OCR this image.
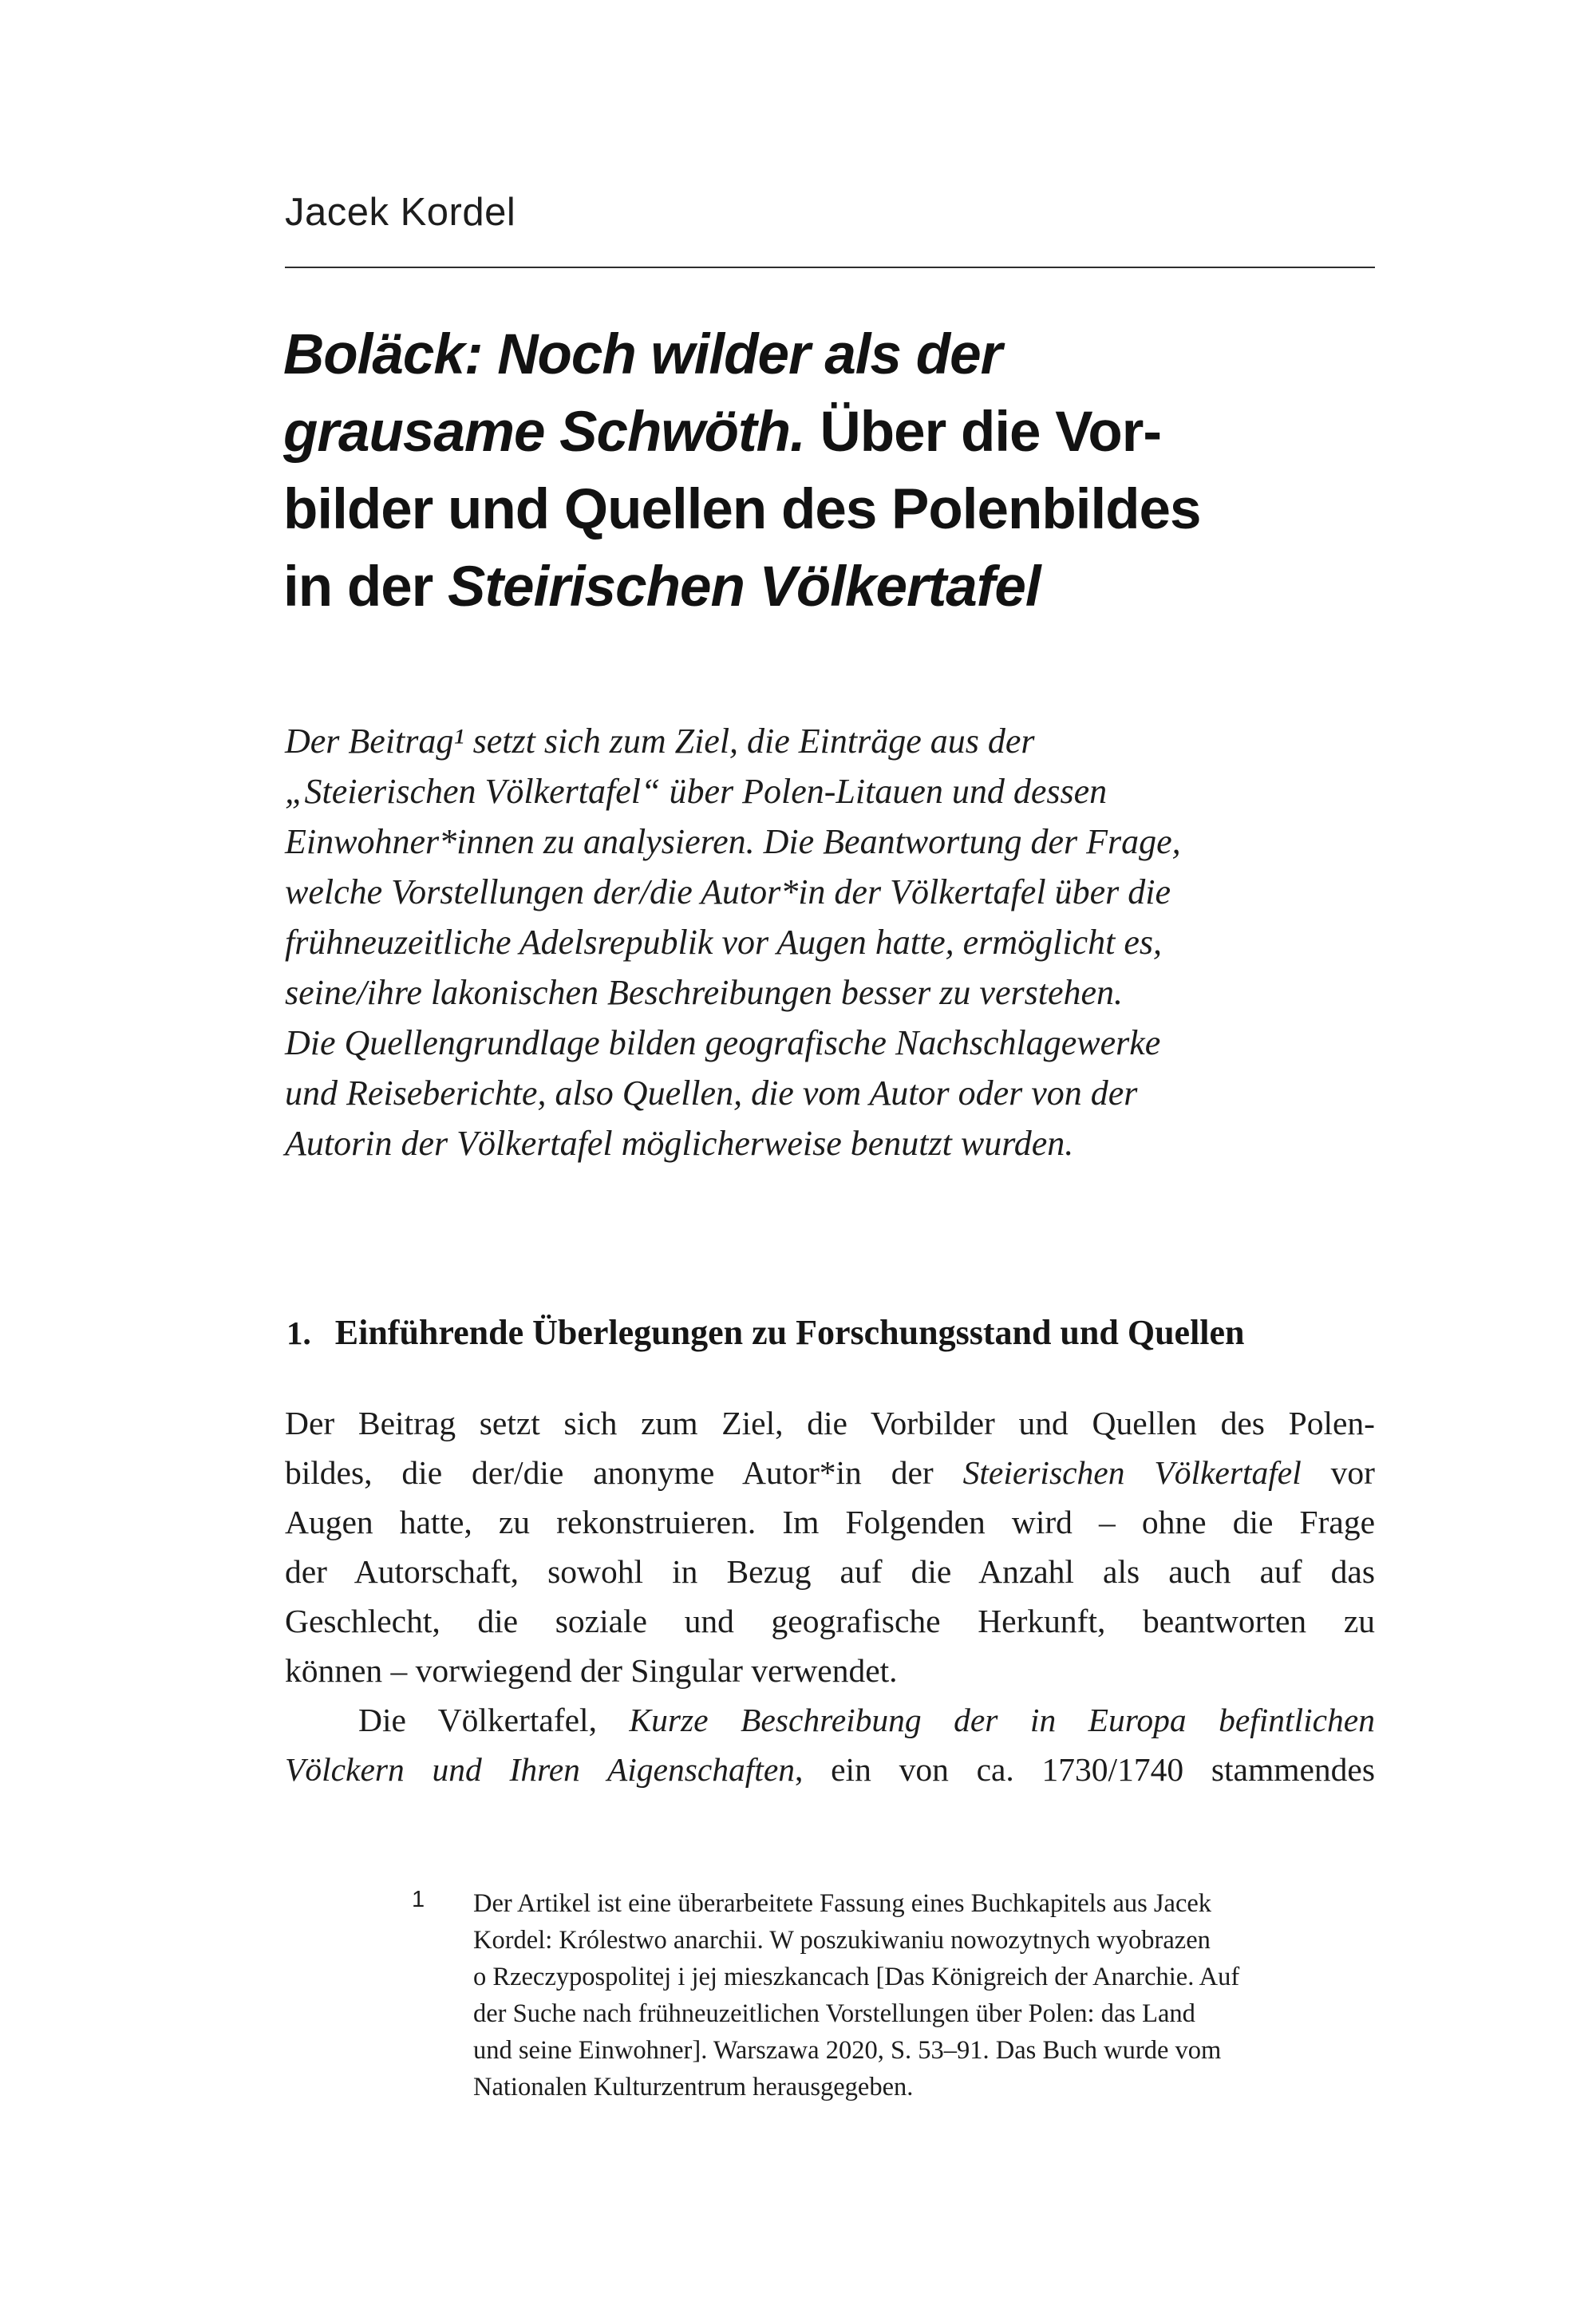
Jacek Kordel
Boläck: Noch wilder als der
grausame Schwöth. Über die Vor-
bilder und Quellen des Polenbildes
in der Steirischen Völkertafel
Der Beitrag¹ setzt sich zum Ziel, die Einträge aus der
„Steierischen Völkertafel“ über Polen-Litauen und dessen
Einwohner*innen zu analysieren. Die Beantwortung der Frage,
welche Vorstellungen der/die Autor*in der Völkertafel über die
frühneuzeitliche Adelsrepublik vor Augen hatte, ermöglicht es,
seine/ihre lakonischen Beschreibungen besser zu verstehen.
Die Quellengrundlage bilden geografische Nachschlagewerke
und Reiseberichte, also Quellen, die vom Autor oder von der
Autorin der Völkertafel möglicherweise benutzt wurden.
1. Einführende Überlegungen zu Forschungsstand und Quellen
Der Beitrag setzt sich zum Ziel, die Vorbilder und Quellen des Polen-
bildes, die der/die anonyme Autor*in der Steierischen Völkertafel vor
Augen hatte, zu rekonstruieren. Im Folgenden wird – ohne die Frage
der Autorschaft, sowohl in Bezug auf die Anzahl als auch auf das
Geschlecht, die soziale und geografische Herkunft, beantworten zu
können – vorwiegend der Singular verwendet.
Die Völkertafel, Kurze Beschreibung der in Europa befintlichen
Völckern und Ihren Aigenschaften, ein von ca. 1730/1740 stammendes
1 Der Artikel ist eine überarbeitete Fassung eines Buchkapitels aus Jacek
Kordel: Królestwo anarchii. W poszukiwaniu nowozytnych wyobrazen
o Rzeczypospolitej i jej mieszkancach [Das Königreich der Anarchie. Auf
der Suche nach frühneuzeitlichen Vorstellungen über Polen: das Land
und seine Einwohner]. Warszawa 2020, S. 53–91. Das Buch wurde vom
Nationalen Kulturzentrum herausgegeben.
